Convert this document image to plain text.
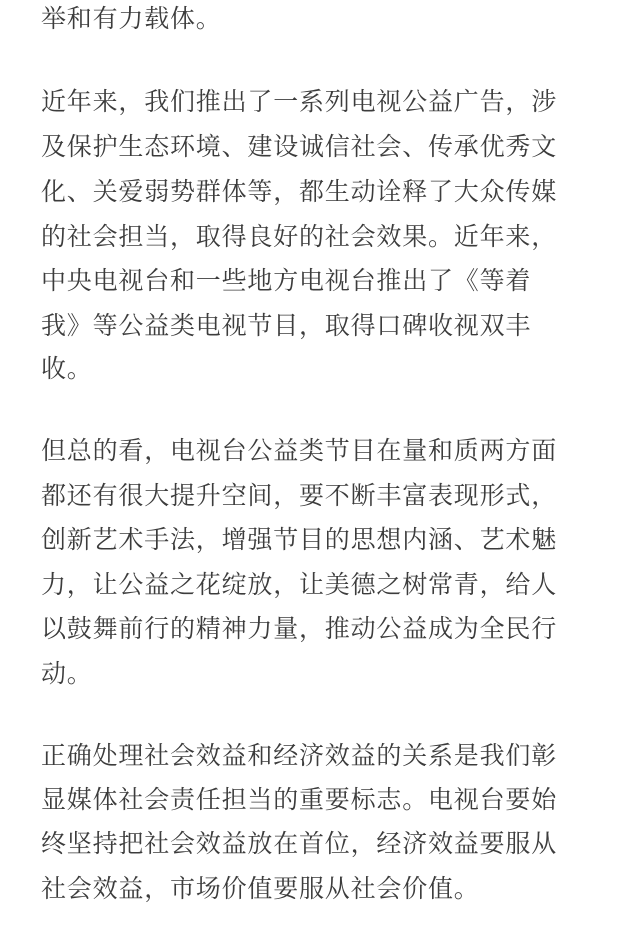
举和有力载体。

近年来，我们推出了一系列电视公益广告，涉

及保护生态环境、建设诚信社会、传承优秀文

化、关爱弱势群体等，都生动诠释了大众传媒

的社会担当，取得良好的社会效果。近年来，

中央电视台和一些地方电视台推出了《等着

我》等公益类电视节目，取得口碑收视双丰

收。

但总的看，电视台公益类节目在量和质两方面

都还有很大提升空间，要不断丰富表现形式，

创新艺术手法，增强节目的思想内涵、艺术魅

力，让公益之花绽放，让美德之树常青，给人

以鼓舞前行的精神力量，推动公益成为全民行

动。

正确处理社会效益和经济效益的关系是我们彰

显媒体社会责任担当的重要标志。电视台要始

终坚持把社会效益放在首位，经济效益要服从

社会效益，市场价值要服从社会价值。
